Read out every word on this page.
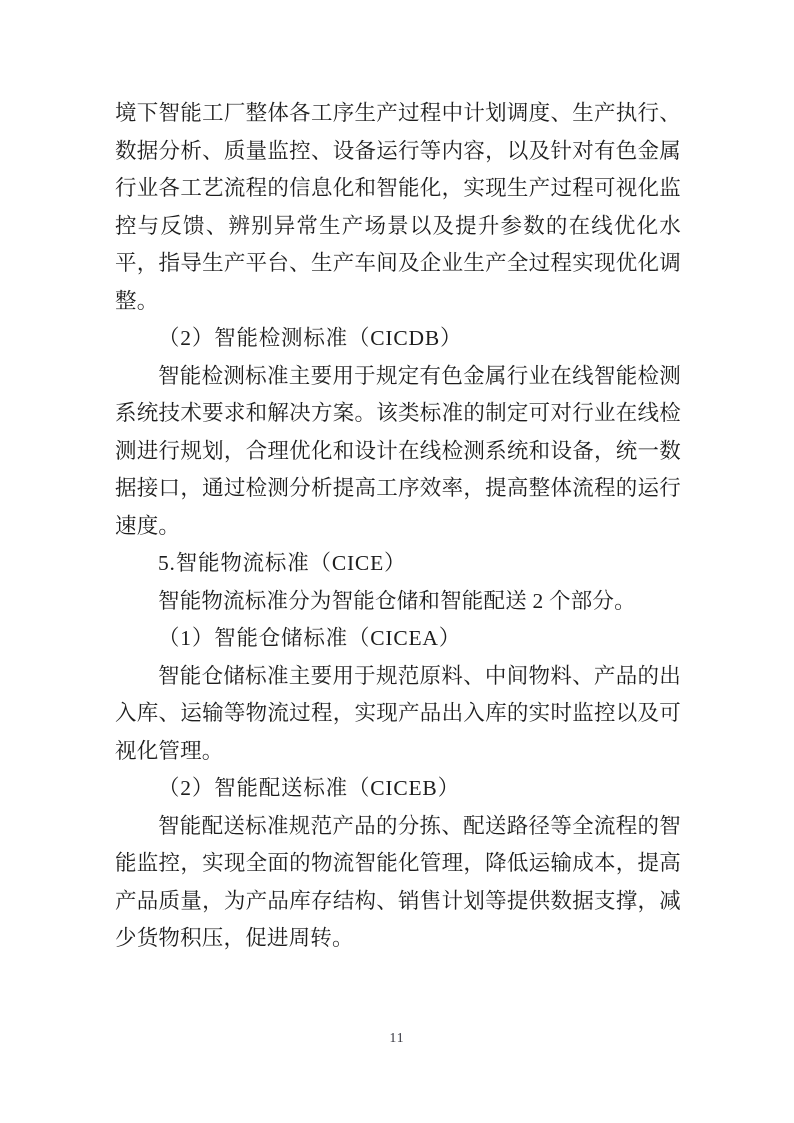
境下智能工厂整体各工序生产过程中计划调度、生产执行、数据分析、质量监控、设备运行等内容，以及针对有色金属行业各工艺流程的信息化和智能化，实现生产过程可视化监控与反馈、辨别异常生产场景以及提升参数的在线优化水平，指导生产平台、生产车间及企业生产全过程实现优化调整。

（2）智能检测标准（CICDB）

智能检测标准主要用于规定有色金属行业在线智能检测系统技术要求和解决方案。该类标准的制定可对行业在线检测进行规划，合理优化和设计在线检测系统和设备，统一数据接口，通过检测分析提高工序效率，提高整体流程的运行速度。

5.智能物流标准（CICE）

智能物流标准分为智能仓储和智能配送 2 个部分。

（1）智能仓储标准（CICEA）

智能仓储标准主要用于规范原料、中间物料、产品的出入库、运输等物流过程，实现产品出入库的实时监控以及可视化管理。

（2）智能配送标准（CICEB）

智能配送标准规范产品的分拣、配送路径等全流程的智能监控，实现全面的物流智能化管理，降低运输成本，提高产品质量，为产品库存结构、销售计划等提供数据支撑，减少货物积压，促进周转。

11
